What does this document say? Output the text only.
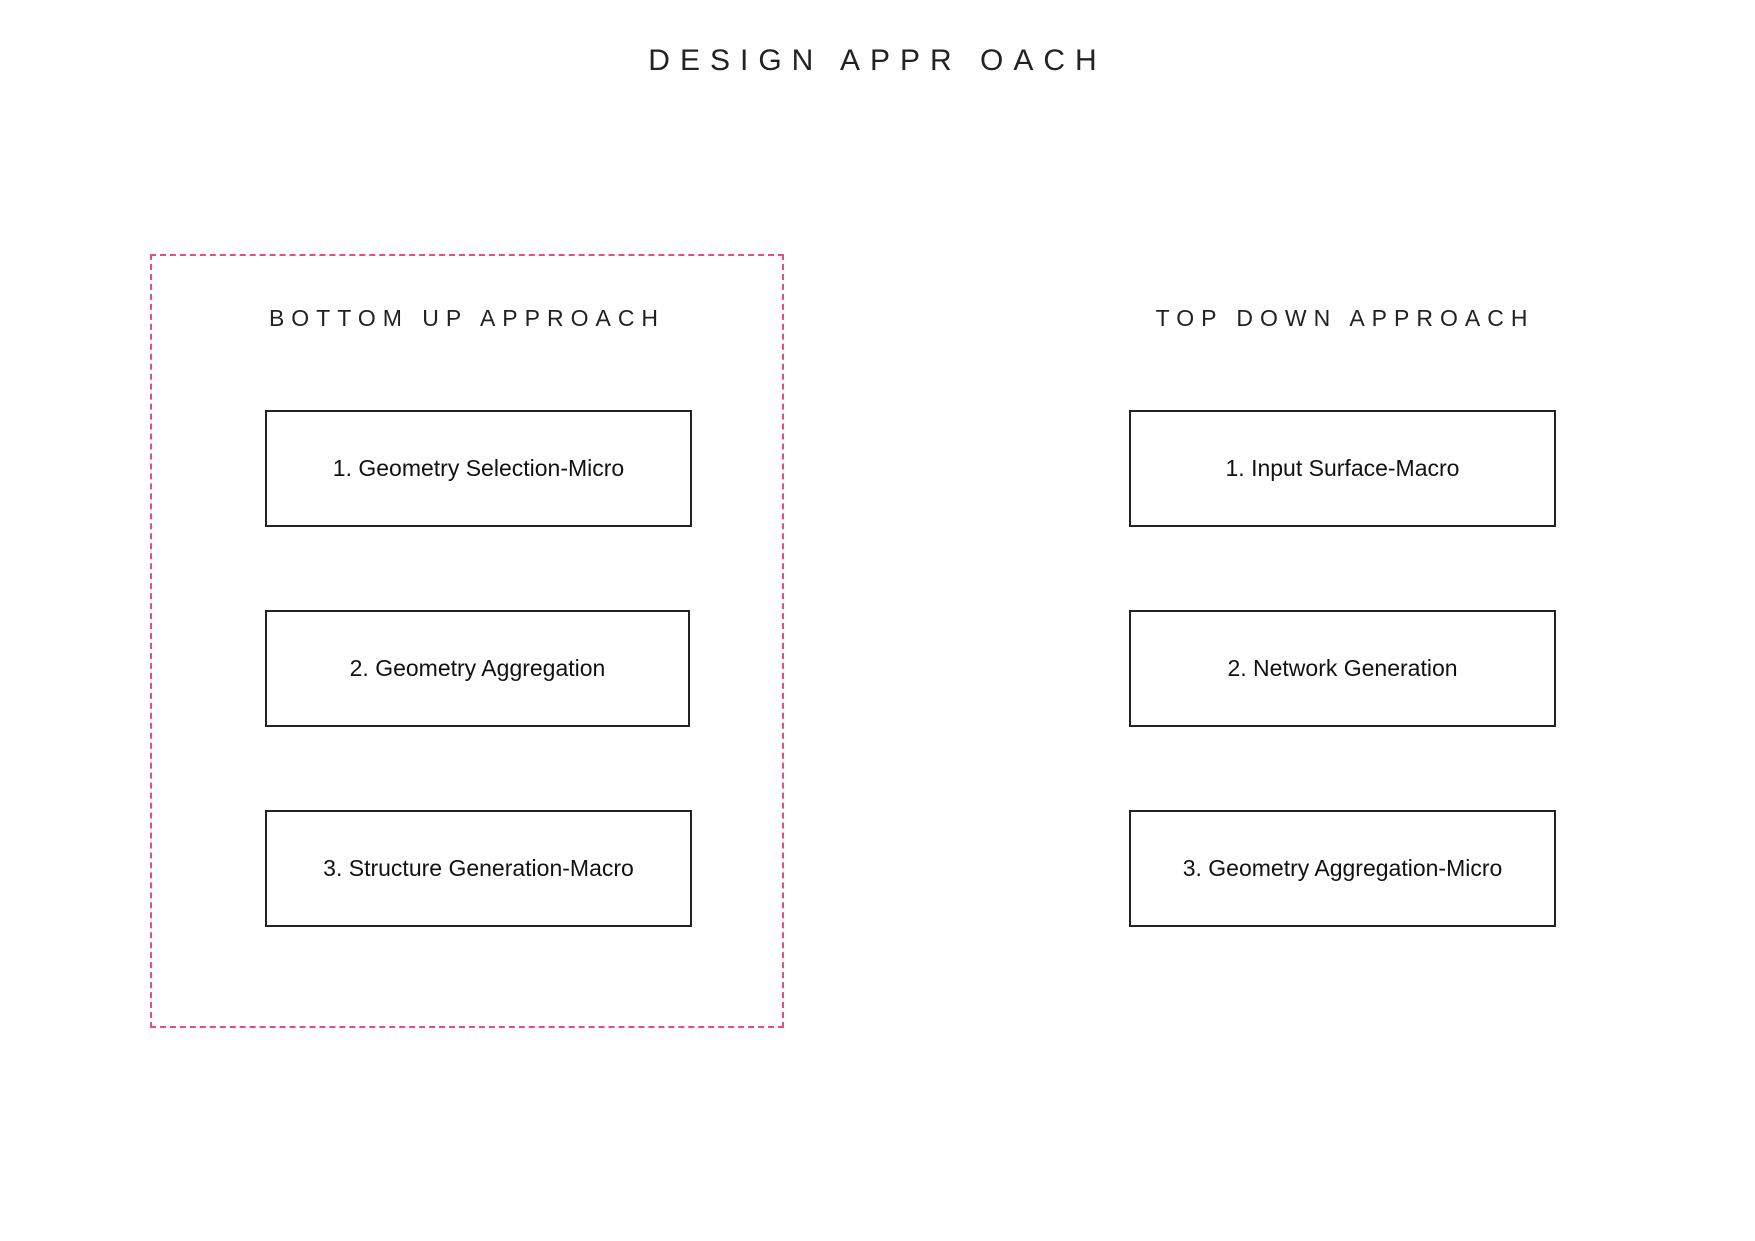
DESIGN APPR OACH
BOTTOM UP APPROACH	TOP DOWN APPROACH
1. Geometry Selection-Micro
2. Geometry Aggregation
3. Structure Generation-Macro
1. Input Surface-Macro
2. Network Generation
3. Geometry Aggregation-Micro
